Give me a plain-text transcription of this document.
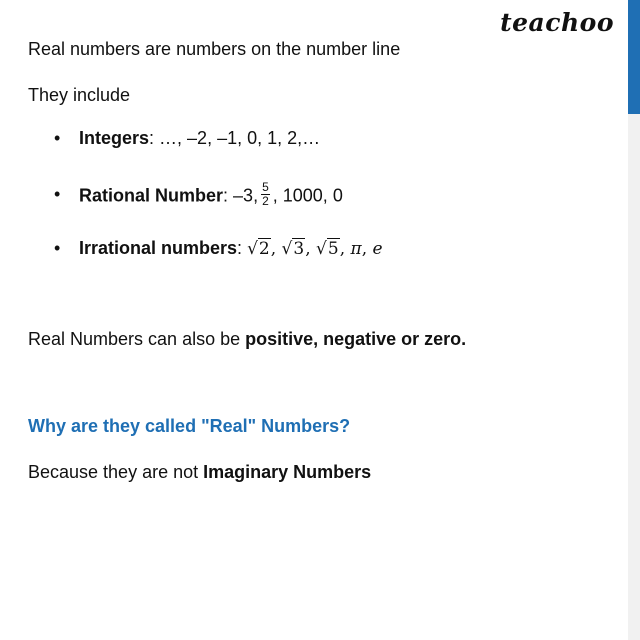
teachoo
Real numbers are numbers on the number line
They include
• Integers: …, –2, –1, 0, 1, 2,…
• Rational Number: –3, $\frac{5}{2}$ , 1000, 0
• Irrational numbers: √2, √3, √5, π, e
Real Numbers can also be positive, negative or zero.
Why are they called "Real" Numbers?
Because they are not Imaginary Numbers
